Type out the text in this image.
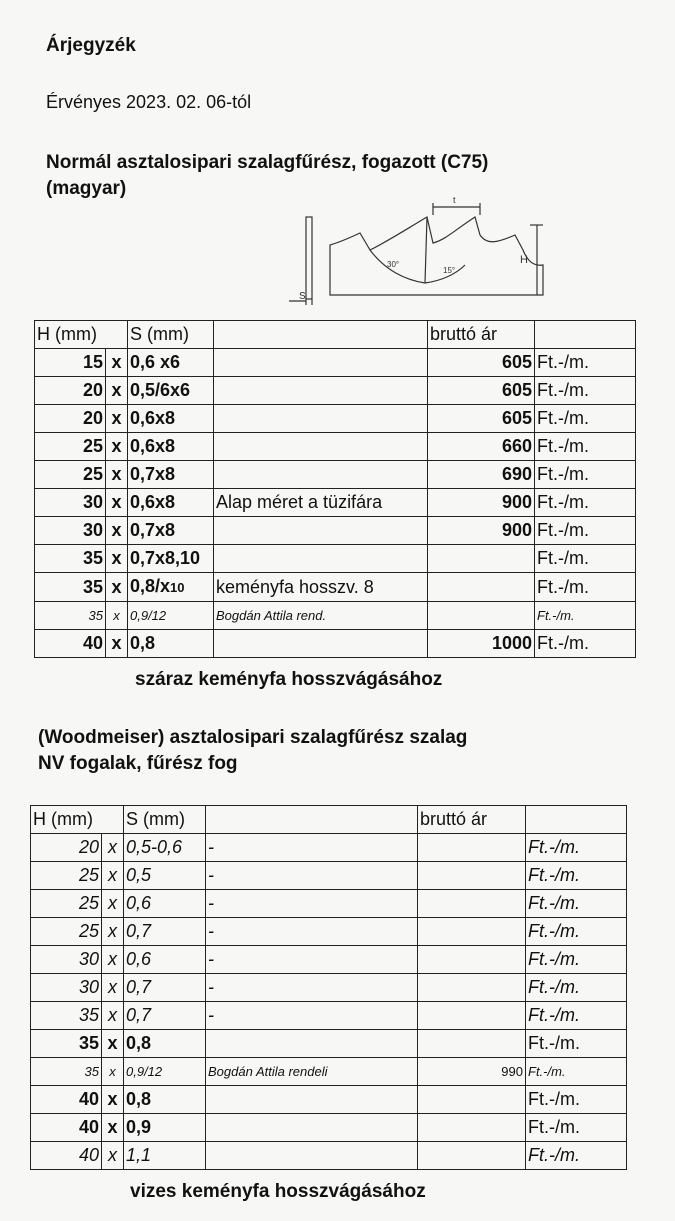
Árjegyzék
Érvényes 2023. 02. 06-tól
Normál asztalosipari szalagfűrész, fogazott (C75)
(magyar)
S
t
H
30°
15°
H (mm)		S (mm)		bruttó ár	
15	x	0,6 x6		605	Ft.-/m.
20	x	0,5/6x6		605	Ft.-/m.
20	x	0,6x8		605	Ft.-/m.
25	x	0,6x8		660	Ft.-/m.
25	x	0,7x8		690	Ft.-/m.
30	x	0,6x8	Alap méret a tüzifára	900	Ft.-/m.
30	x	0,7x8		900	Ft.-/m.
35	x	0,7x8,10			Ft.-/m.
35	x	0,8/x10	keményfa hosszv. 8		Ft.-/m.
35	x	0,9/12	Bogdán Attila rend.		Ft.-/m.
40	x	0,8		1000	Ft.-/m.
száraz keményfa hosszvágásához
(Woodmeiser) asztalosipari szalagfűrész szalag
NV fogalak, fűrész fog
H (mm)		S (mm)		bruttó ár	
20	x	0,5-0,6	-		Ft.-/m.
25	x	0,5	-		Ft.-/m.
25	x	0,6	-		Ft.-/m.
25	x	0,7	-		Ft.-/m.
30	x	0,6	-		Ft.-/m.
30	x	0,7	-		Ft.-/m.
35	x	0,7	-		Ft.-/m.
35	x	0,8			Ft.-/m.
35	x	0,9/12	Bogdán Attila rendeli	990	Ft.-/m.
40	x	0,8			Ft.-/m.
40	x	0,9			Ft.-/m.
40	x	1,1			Ft.-/m.
vizes keményfa hosszvágásához
